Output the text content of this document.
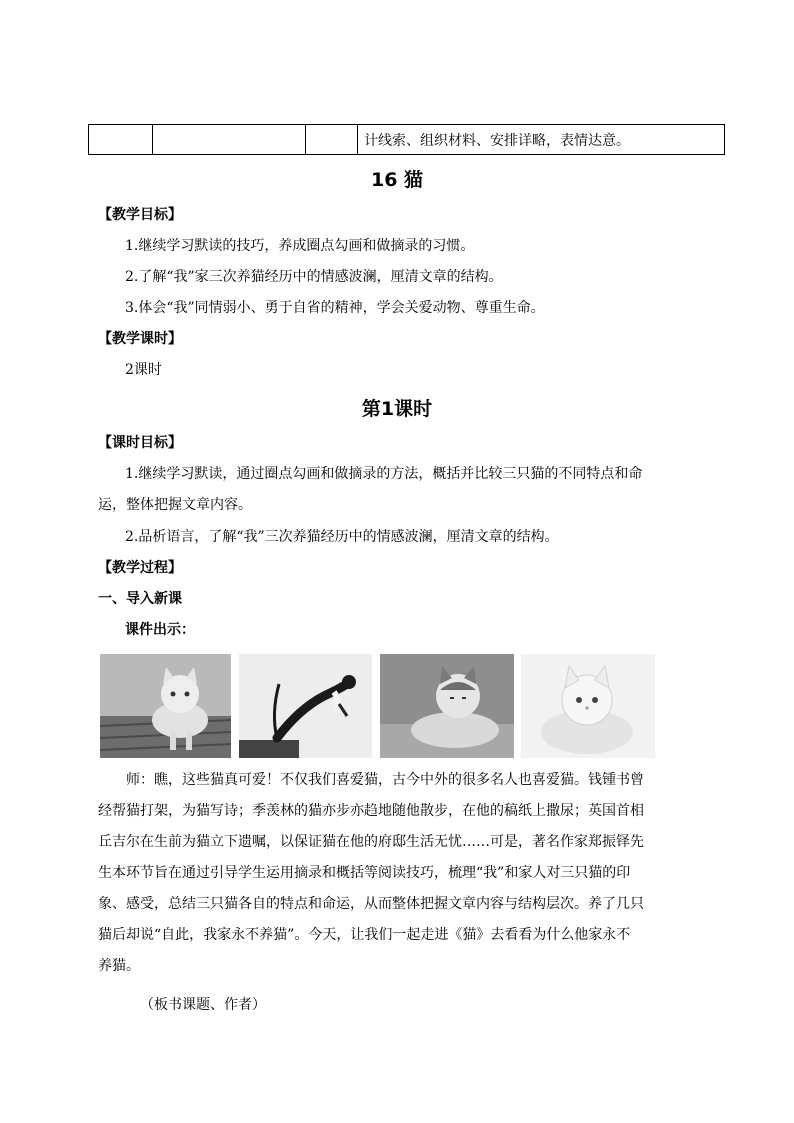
计线索、组织材料、安排详略，表情达意。
16 猫
【教学目标】
1.继续学习默读的技巧，养成圈点勾画和做摘录的习惯。
2.了解“我”家三次养猫经历中的情感波澜，厘清文章的结构。
3.体会“我”同情弱小、勇于自省的精神，学会关爱动物、尊重生命。
【教学课时】
2课时
第1课时
【课时目标】
1.继续学习默读，通过圈点勾画和做摘录的方法，概括并比较三只猫的不同特点和命
运，整体把握文章内容。
2.品析语言，了解“我”三次养猫经历中的情感波澜，厘清文章的结构。
【教学过程】
一、导入新课
课件出示：
师：瞧，这些猫真可爱！不仅我们喜爱猫，古今中外的很多名人也喜爱猫。钱锺书曾
经帮猫打架，为猫写诗；季羡林的猫亦步亦趋地随他散步，在他的稿纸上撒尿；英国首相
丘吉尔在生前为猫立下遗嘱，以保证猫在他的府邸生活无忧……可是，著名作家郑振铎先
生本环节旨在通过引导学生运用摘录和概括等阅读技巧，梳理“我”和家人对三只猫的印
象、感受，总结三只猫各自的特点和命运，从而整体把握文章内容与结构层次。养了几只
猫后却说“自此，我家永不养猫”。今天，让我们一起走进《猫》去看看为什么他家永不
养猫。
（板书课题、作者）
